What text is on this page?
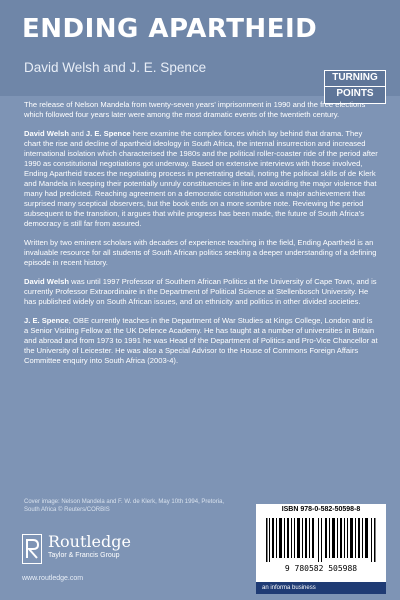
ENDING APARTHEID
David Welsh and J. E. Spence
TURNING
POINTS

The release of Nelson Mandela from twenty-seven years' imprisonment in 1990 and the free elections which followed four years later were among the most dramatic events of the twentieth century.

David Welsh and J. E. Spence here examine the complex forces which lay behind that drama. They chart the rise and decline of apartheid ideology in South Africa, the internal insurrection and increased international isolation which characterised the 1980s and the political roller-coaster ride of the period after 1990 as constitutional negotiations got underway. Based on extensive interviews with those involved, Ending Apartheid traces the negotiating process in penetrating detail, noting the political skills of de Klerk and Mandela in keeping their potentially unruly constituencies in line and avoiding the major violence that many had predicted. Reaching agreement on a democratic constitution was a major achievement that surprised many sceptical observers, but the book ends on a more sombre note. Reviewing the period subsequent to the transition, it argues that while progress has been made, the future of South Africa's democracy is still far from assured.

Written by two eminent scholars with decades of experience teaching in the field, Ending Apartheid is an invaluable resource for all students of South African politics seeking a deeper understanding of a defining episode in recent history.

David Welsh was until 1997 Professor of Southern African Politics at the University of Cape Town, and is currently Professor Extraordinaire in the Department of Political Science at Stellenbosch University. He has published widely on South African issues, and on ethnicity and politics in other divided societies.

J. E. Spence, OBE currently teaches in the Department of War Studies at Kings College, London and is a Senior Visiting Fellow at the UK Defence Academy. He has taught at a number of universities in Britain and abroad and from 1973 to 1991 he was Head of the Department of Politics and Pro-Vice Chancellor at the University of Leicester. He was also a Special Advisor to the House of Commons Foreign Affairs Committee enquiry into South Africa (2003-4).

Cover image: Nelson Mandela and F. W. de Klerk, May 10th 1994, Pretoria, South Africa © Reuters/CORBIS
Routledge
Taylor & Francis Group
www.routledge.com
ISBN 978-0-582-50598-8
9 780582 505988
an informa business
